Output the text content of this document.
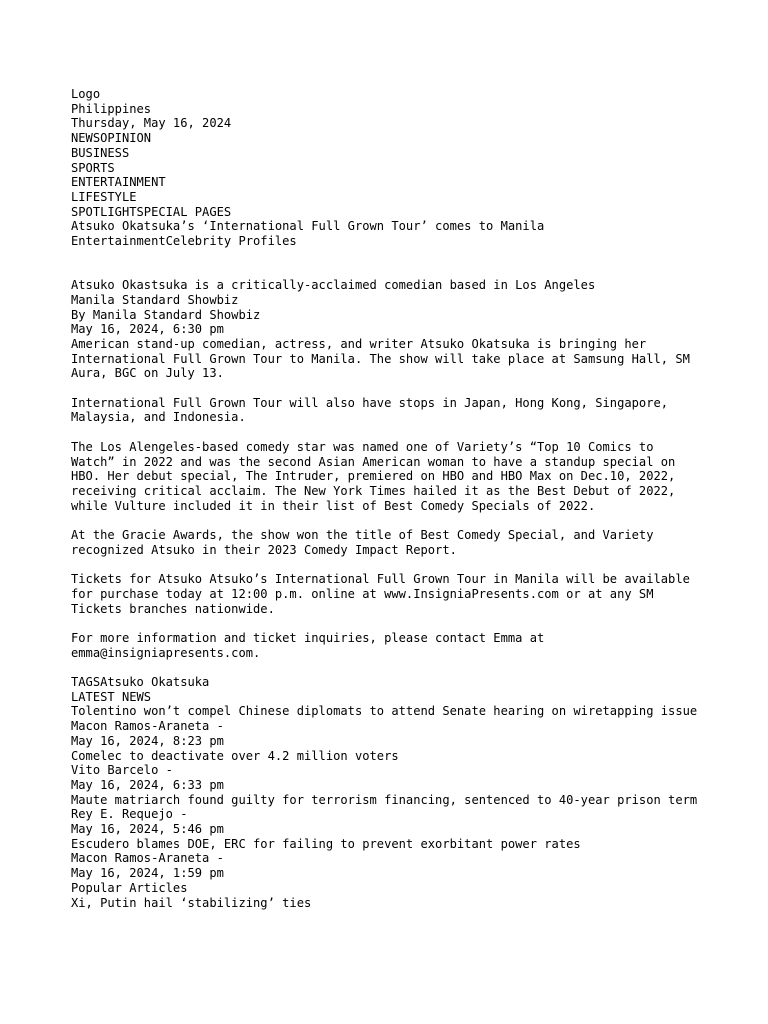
Logo
Philippines
Thursday, May 16, 2024
NEWSOPINION
BUSINESS
SPORTS
ENTERTAINMENT
LIFESTYLE
SPOTLIGHTSPECIAL PAGES
Atsuko Okatsuka’s ‘International Full Grown Tour’ comes to Manila
EntertainmentCelebrity Profiles
Atsuko Okastsuka is a critically-acclaimed comedian based in Los Angeles
Manila Standard Showbiz
By Manila Standard Showbiz
May 16, 2024, 6:30 pm
American stand-up comedian, actress, and writer Atsuko Okatsuka is bringing her International Full Grown Tour to Manila. The show will take place at Samsung Hall, SM Aura, BGC on July 13.
International Full Grown Tour will also have stops in Japan, Hong Kong, Singapore, Malaysia, and Indonesia.
The Los Alengeles-based comedy star was named one of Variety’s “Top 10 Comics to Watch” in 2022 and was the second Asian American woman to have a standup special on HBO. Her debut special, The Intruder, premiered on HBO and HBO Max on Dec.10, 2022, receiving critical acclaim. The New York Times hailed it as the Best Debut of 2022, while Vulture included it in their list of Best Comedy Specials of 2022.
At the Gracie Awards, the show won the title of Best Comedy Special, and Variety recognized Atsuko in their 2023 Comedy Impact Report.
Tickets for Atsuko Atsuko’s International Full Grown Tour in Manila will be available for purchase today at 12:00 p.m. online at www.InsigniaPresents.com or at any SM Tickets branches nationwide.
For more information and ticket inquiries, please contact Emma at emma@insigniapresents.com.
TAGSAtsuko Okatsuka
LATEST NEWS
Tolentino won’t compel Chinese diplomats to attend Senate hearing on wiretapping issue
Macon Ramos-Araneta -
May 16, 2024, 8:23 pm
Comelec to deactivate over 4.2 million voters
Vito Barcelo -
May 16, 2024, 6:33 pm
Maute matriarch found guilty for terrorism financing, sentenced to 40-year prison term
Rey E. Requejo -
May 16, 2024, 5:46 pm
Escudero blames DOE, ERC for failing to prevent exorbitant power rates
Macon Ramos-Araneta -
May 16, 2024, 1:59 pm
Popular Articles
Xi, Putin hail ‘stabilizing’ ties
